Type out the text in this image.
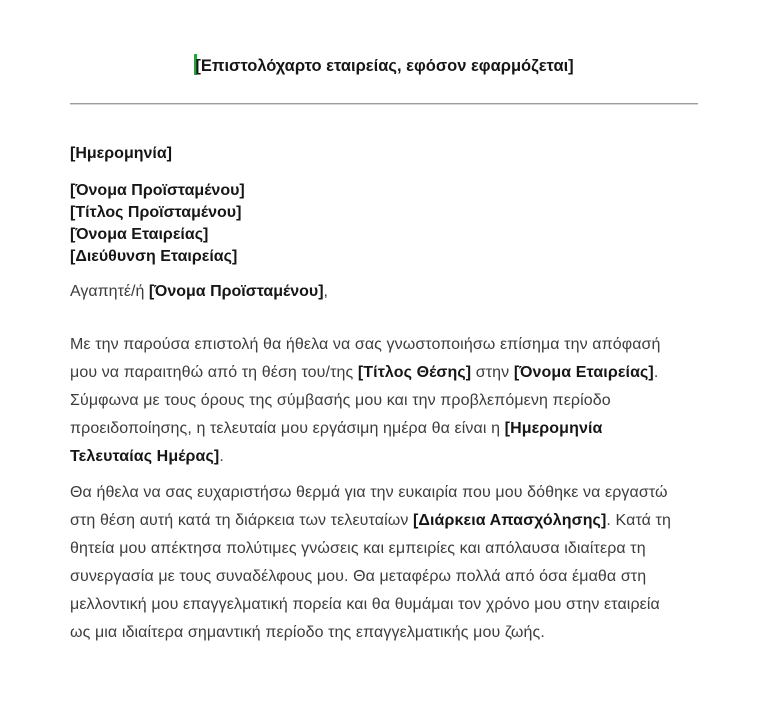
[Επιστολόχαρτο εταιρείας, εφόσον εφαρμόζεται]
[Ημερομηνία]
[Όνομα Προϊσταμένου]
[Τίτλος Προϊσταμένου]
[Όνομα Εταιρείας]
[Διεύθυνση Εταιρείας]
Αγαπητέ/ή [Όνομα Προϊσταμένου],
Με την παρούσα επιστολή θα ήθελα να σας γνωστοποιήσω επίσημα την απόφασή
μου να παραιτηθώ από τη θέση του/της [Τίτλος Θέσης] στην [Όνομα Εταιρείας].
Σύμφωνα με τους όρους της σύμβασής μου και την προβλεπόμενη περίοδο
προειδοποίησης, η τελευταία μου εργάσιμη ημέρα θα είναι η [Ημερομηνία
Τελευταίας Ημέρας].
Θα ήθελα να σας ευχαριστήσω θερμά για την ευκαιρία που μου δόθηκε να εργαστώ
στη θέση αυτή κατά τη διάρκεια των τελευταίων [Διάρκεια Απασχόλησης]. Κατά τη
θητεία μου απέκτησα πολύτιμες γνώσεις και εμπειρίες και απόλαυσα ιδιαίτερα τη
συνεργασία με τους συναδέλφους μου. Θα μεταφέρω πολλά από όσα έμαθα στη
μελλοντική μου επαγγελματική πορεία και θα θυμάμαι τον χρόνο μου στην εταιρεία
ως μια ιδιαίτερα σημαντική περίοδο της επαγγελματικής μου ζωής.
